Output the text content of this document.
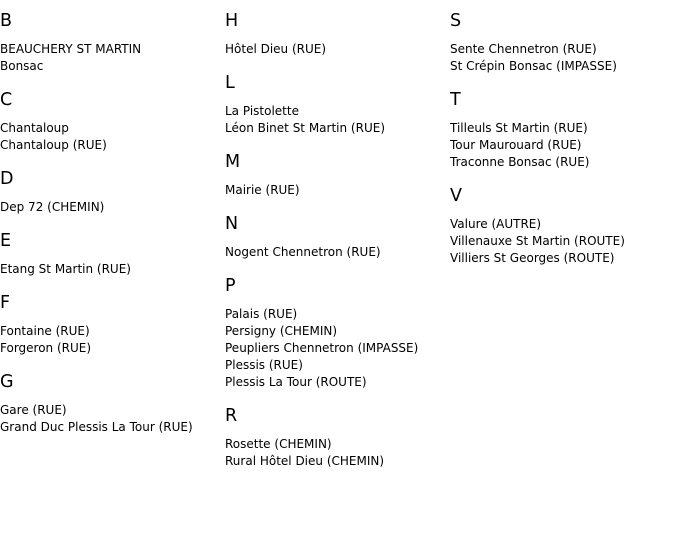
B
BEAUCHERY ST MARTIN
Bonsac
C
Chantaloup
Chantaloup (RUE)
D
Dep 72 (CHEMIN)
E
Etang St Martin (RUE)
F
Fontaine (RUE)
Forgeron (RUE)
G
Gare (RUE)
Grand Duc Plessis La Tour (RUE)
H
Hôtel Dieu (RUE)
L
La Pistolette
Léon Binet St Martin (RUE)
M
Mairie (RUE)
N
Nogent Chennetron (RUE)
P
Palais (RUE)
Persigny (CHEMIN)
Peupliers Chennetron (IMPASSE)
Plessis (RUE)
Plessis La Tour (ROUTE)
R
Rosette (CHEMIN)
Rural Hôtel Dieu (CHEMIN)
S
Sente Chennetron (RUE)
St Crépin Bonsac (IMPASSE)
T
Tilleuls St Martin (RUE)
Tour Maurouard (RUE)
Traconne Bonsac (RUE)
V
Valure (AUTRE)
Villenauxe St Martin (ROUTE)
Villiers St Georges (ROUTE)
